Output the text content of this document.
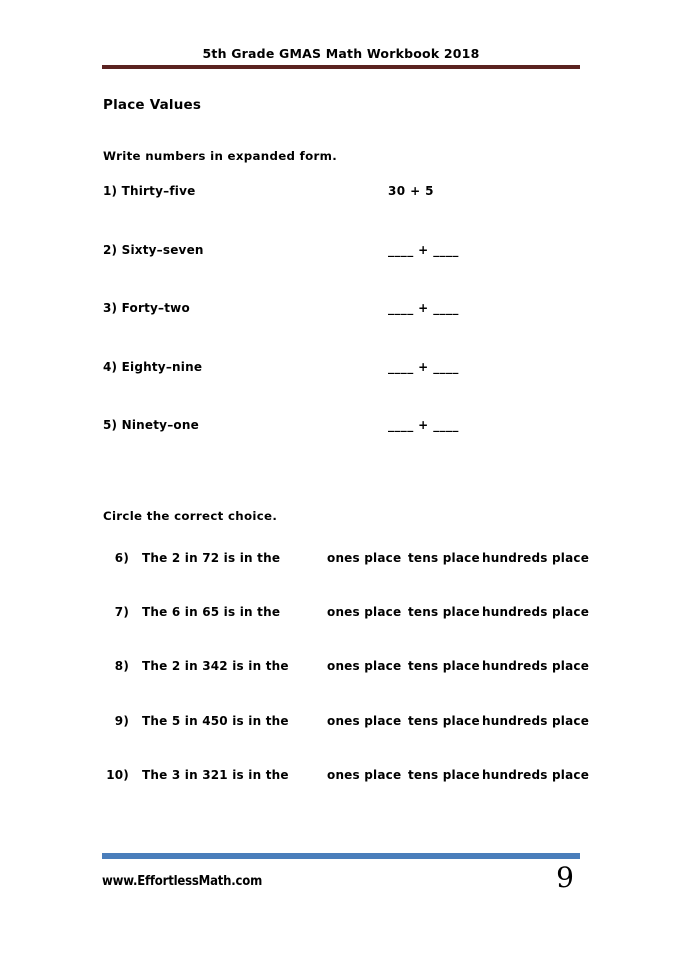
5th Grade GMAS Math Workbook 2018
Place Values
Write numbers in expanded form.
1) Thirty–five	30 + 5
2) Sixty–seven	____ + ____
3) Forty–two	____ + ____
4) Eighty–nine	____ + ____
5) Ninety–one	____ + ____
Circle the correct choice.
6) The 2 in 72 is in the	ones place tens place hundreds place
7) The 6 in 65 is in the	ones place tens place hundreds place
8) The 2 in 342 is in the	ones place tens place hundreds place
9) The 5 in 450 is in the	ones place tens place hundreds place
10) The 3 in 321 is in the	ones place tens place hundreds place
www.EffortlessMath.com	9
